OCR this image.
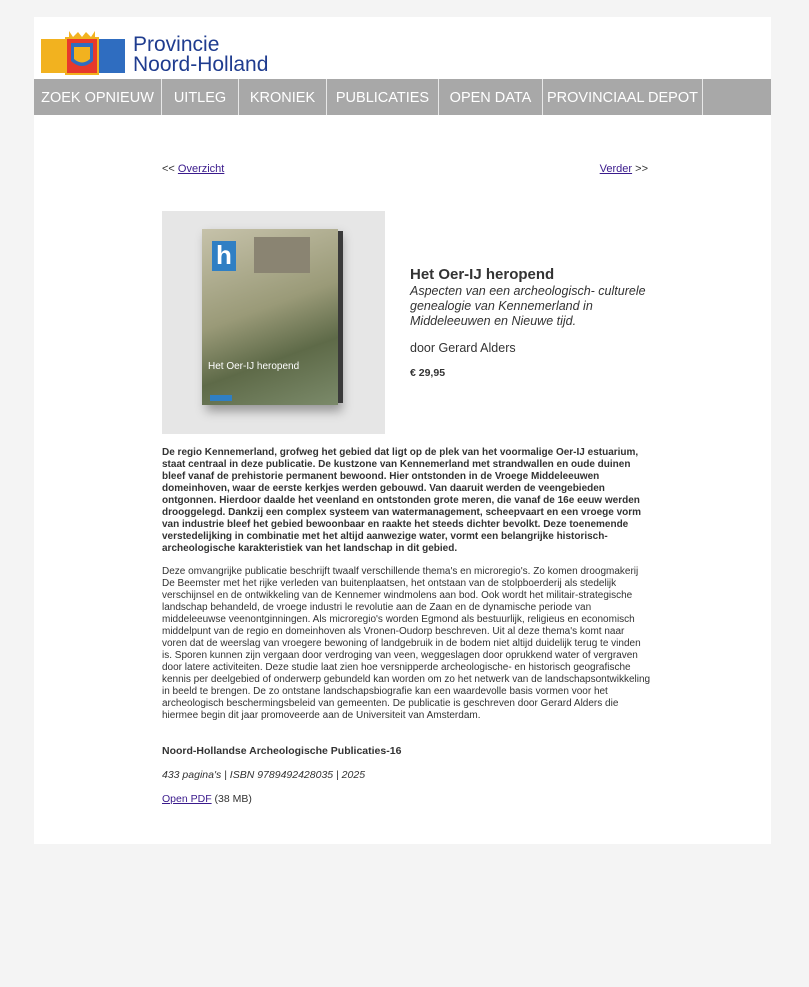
Provincie
Noord-Holland
ZOEK OPNIEUW	UITLEG	KRONIEK	PUBLICATIES	OPEN DATA	PROVINCIAAL DEPOT
<< Overzicht	Verder >>
h
Het Oer-IJ heropend
Het Oer-IJ heropend
Aspecten van een archeologisch- culturele genealogie van Kennemerland in Middeleeuwen en Nieuwe tijd.
door Gerard Alders
€ 29,95
De regio Kennemerland, grofweg het gebied dat ligt op de plek van het voormalige Oer-IJ estuarium, staat centraal in deze publicatie. De kustzone van Kennemerland met strandwallen en oude duinen bleef vanaf de prehistorie permanent bewoond. Hier ontstonden in de Vroege Middeleeuwen domeinhoven, waar de eerste kerkjes werden gebouwd. Van daaruit werden de veengebieden ontgonnen. Hierdoor daalde het veenland en ontstonden grote meren, die vanaf de 16e eeuw werden drooggelegd. Dankzij een complex systeem van watermanagement, scheepvaart en een vroege vorm van industrie bleef het gebied bewoonbaar en raakte het steeds dichter bevolkt. Deze toenemende verstedelijking in combinatie met het altijd aanwezige water, vormt een belangrijke historisch-archeologische karakteristiek van het landschap in dit gebied.
Deze omvangrijke publicatie beschrijft twaalf verschillende thema's en microregio's. Zo komen droogmakerij De Beemster met het rijke verleden van buitenplaatsen, het ontstaan van de stolpboerderij als stedelijk verschijnsel en de ontwikkeling van de Kennemer windmolens aan bod. Ook wordt het militair-strategische landschap behandeld, de vroege industri le revolutie aan de Zaan en de dynamische periode van middeleeuwse veenontginningen. Als microregio's worden Egmond als bestuurlijk, religieus en economisch middelpunt van de regio en domeinhoven als Vronen-Oudorp beschreven. Uit al deze thema's komt naar voren dat de weerslag van vroegere bewoning of landgebruik in de bodem niet altijd duidelijk terug te vinden is. Sporen kunnen zijn vergaan door verdroging van veen, weggeslagen door oprukkend water of vergraven door latere activiteiten. Deze studie laat zien hoe versnipperde archeologische- en historisch geografische kennis per deelgebied of onderwerp gebundeld kan worden om zo het netwerk van de landschapsontwikkeling in beeld te brengen. De zo ontstane landschapsbiografie kan een waardevolle basis vormen voor het archeologisch beschermingsbeleid van gemeenten. De publicatie is geschreven door Gerard Alders die hiermee begin dit jaar promoveerde aan de Universiteit van Amsterdam.
Noord-Hollandse Archeologische Publicaties-16
433 pagina's | ISBN 9789492428035 | 2025
Open PDF (38 MB)
